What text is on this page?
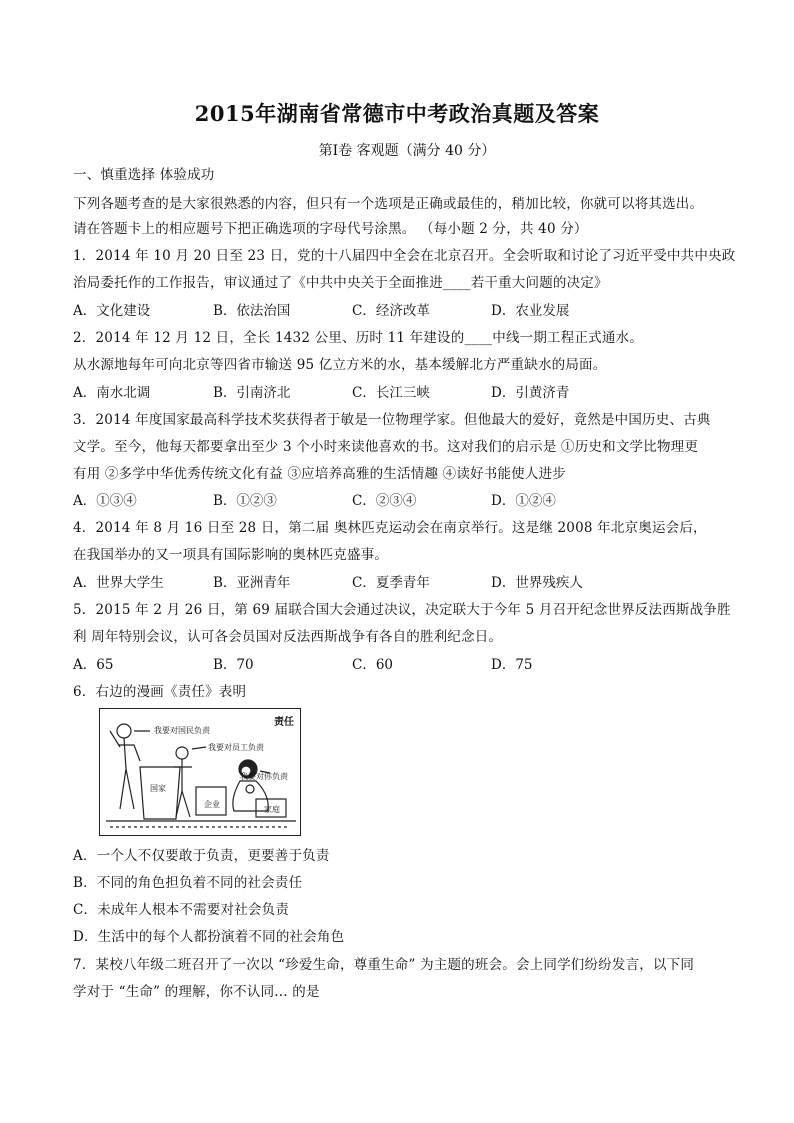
2015年湖南省常德市中考政治真题及答案
第Ⅰ卷 客观题（满分 40 分）
一、慎重选择 体验成功
下列各题考查的是大家很熟悉的内容，但只有一个选项是正确或最佳的，稍加比较，你就可以将其选出。
请在答题卡上的相应题号下把正确选项的字母代号涂黑。 （每小题 2 分，共 40 分）
1．2014 年 10 月 20 日至 23 日，党的十八届四中全会在北京召开。全会听取和讨论了习近平受中共中央政
治局委托作的工作报告，审议通过了《中共中央关于全面推进____若干重大问题的决定》
A．文化建设	B．依法治国	C．经济改革	D．农业发展
2．2014 年 12 月 12 日，全长 1432 公里、历时 11 年建设的____中线一期工程正式通水。
从水源地每年可向北京等四省市输送 95 亿立方米的水，基本缓解北方严重缺水的局面。
A．南水北调	B．引南济北	C．长江三峡	D．引黄济青
3．2014 年度国家最高科学技术奖获得者于敏是一位物理学家。但他最大的爱好，竟然是中国历史、古典
文学。至今，他每天都要拿出至少 3 个小时来读他喜欢的书。这对我们的启示是 ①历史和文学比物理更
有用 ②多学中华优秀传统文化有益 ③应培养高雅的生活情趣 ④读好书能使人进步
A．①③④	B．①②③	C．②③④	D．①②④
4．2014 年 8 月 16 日至 28 日，第二届 奥林匹克运动会在南京举行。这是继 2008 年北京奥运会后，
在我国举办的又一项具有国际影响的奥林匹克盛事。
A．世界大学生	B．亚洲青年	C．夏季青年	D．世界残疾人
5．2015 年 2 月 26 日，第 69 届联合国大会通过决议，决定联大于今年 5 月召开纪念世界反法西斯战争胜
利 周年特别会议，认可各会员国对反法西斯战争有各自的胜利纪念日。
A．65	B．70	C．60	D．75
6．右边的漫画《责任》表明
责任
我要对国民负责
我要对员工负责
我要对你负责
国家
企业
家庭
A．一个人不仅要敢于负责，更要善于负责
B．不同的角色担负着不同的社会责任
C．未成年人根本不需要对社会负责
D．生活中的每个人都扮演着不同的社会角色
7．某校八年级二班召开了一次以 “珍爱生命，尊重生命” 为主题的班会。会上同学们纷纷发言，以下同
学对于 “生命” 的理解，你不认同... 的是
